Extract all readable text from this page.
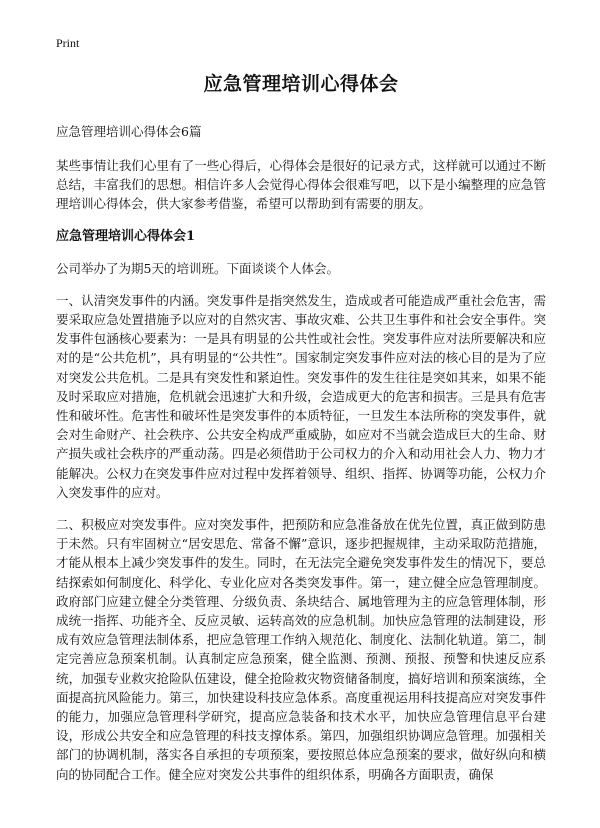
Print
应急管理培训心得体会
应急管理培训心得体会6篇

某些事情让我们心里有了一些心得后，心得体会是很好的记录方式，这样就可以通过不断总结，丰富我们的思想。相信许多人会觉得心得体会很难写吧，以下是小编整理的应急管理培训心得体会，供大家参考借鉴，希望可以帮助到有需要的朋友。

应急管理培训心得体会1

公司举办了为期5天的培训班。下面谈谈个人体会。

一、认清突发事件的内涵。突发事件是指突然发生，造成或者可能造成严重社会危害，需要采取应急处置措施予以应对的自然灾害、事故灾难、公共卫生事件和社会安全事件。突发事件包涵核心要素为：一是具有明显的公共性或社会性。突发事件应对法所要解决和应对的是“公共危机”，具有明显的“公共性”。国家制定突发事件应对法的核心目的是为了应对突发公共危机。二是具有突发性和紧迫性。突发事件的发生往往是突如其来，如果不能及时采取应对措施，危机就会迅速扩大和升级，会造成更大的危害和损害。三是具有危害性和破坏性。危害性和破坏性是突发事件的本质特征，一旦发生本法所称的突发事件，就会对生命财产、社会秩序、公共安全构成严重威胁，如应对不当就会造成巨大的生命、财产损失或社会秩序的严重动荡。四是必须借助于公司权力的介入和动用社会人力、物力才能解决。公权力在突发事件应对过程中发挥着领导、组织、指挥、协调等功能，公权力介入突发事件的应对。

二、积极应对突发事件。应对突发事件，把预防和应急准备放在优先位置，真正做到防患于未然。只有牢固树立“居安思危、常备不懈”意识，逐步把握规律，主动采取防范措施，才能从根本上减少突发事件的发生。同时，在无法完全避免突发事件发生的情况下，要总结探索如何制度化、科学化、专业化应对各类突发事件。第一，建立健全应急管理制度。政府部门应建立健全分类管理、分级负责、条块结合、属地管理为主的应急管理体制，形成统一指挥、功能齐全、反应灵敏、运转高效的应急机制。加快应急管理的法制建设，形成有效应急管理法制体系，把应急管理工作纳入规范化、制度化、法制化轨道。第二，制定完善应急预案机制。认真制定应急预案，健全监测、预测、预报、预警和快速反应系统，加强专业救灾抢险队伍建设，健全抢险救灾物资储备制度，搞好培训和预案演练，全面提高抗风险能力。第三，加快建设科技应急体系。高度重视运用科技提高应对突发事件的能力，加强应急管理科学研究，提高应急装备和技术水平，加快应急管理信息平台建设，形成公共安全和应急管理的科技支撑体系。第四，加强组织协调应急管理。加强相关部门的协调机制，落实各自承担的专项预案，要按照总体应急预案的要求，做好纵向和横向的协同配合工作。健全应对突发公共事件的组织体系，明确各方面职责，确保
